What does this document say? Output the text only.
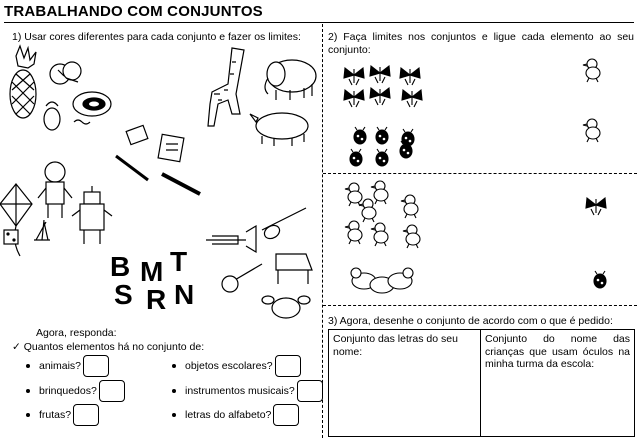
TRABALHANDO COM CONJUNTOS
1) Usar cores diferentes para cada conjunto e fazer os limites:
B M T
S R N
Agora, responda:
✓ Quantos elementos há no conjunto de:
animais?
brinquedos?
frutas?
objetos escolares?
instrumentos musicais?
letras do alfabeto?
2) Faça limites nos conjuntos e ligue cada elemento ao seu conjunto:
3) Agora, desenhe o conjunto de acordo com o que é pedido:
Conjunto das letras do seu nome:
Conjunto do nome das crianças que usam óculos na minha turma da escola:
